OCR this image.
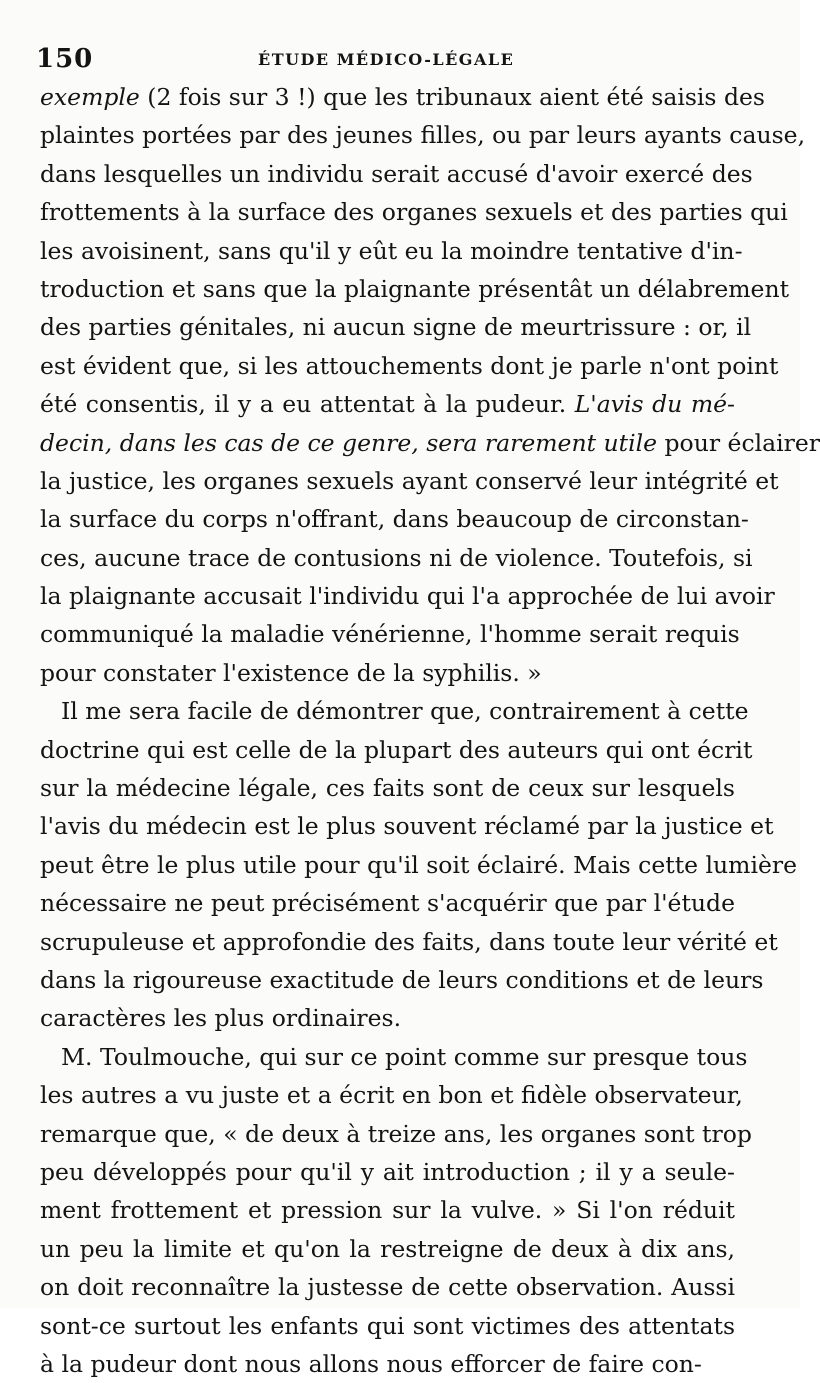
150	ÉTUDE MÉDICO-LÉGALE
exemple (2 fois sur 3 !) que les tribunaux aient été saisis des
plaintes portées par des jeunes filles, ou par leurs ayants cause,
dans lesquelles un individu serait accusé d'avoir exercé des
frottements à la surface des organes sexuels et des parties qui
les avoisinent, sans qu'il y eût eu la moindre tentative d'in-
troduction et sans que la plaignante présentât un délabrement
des parties génitales, ni aucun signe de meurtrissure : or, il
est évident que, si les attouchements dont je parle n'ont point
été consentis, il y a eu attentat à la pudeur. L'avis du mé-
decin, dans les cas de ce genre, sera rarement utile pour éclairer
la justice, les organes sexuels ayant conservé leur intégrité et
la surface du corps n'offrant, dans beaucoup de circonstan-
ces, aucune trace de contusions ni de violence. Toutefois, si
la plaignante accusait l'individu qui l'a approchée de lui avoir
communiqué la maladie vénérienne, l'homme serait requis
pour constater l'existence de la syphilis. »
Il me sera facile de démontrer que, contrairement à cette
doctrine qui est celle de la plupart des auteurs qui ont écrit
sur la médecine légale, ces faits sont de ceux sur lesquels
l'avis du médecin est le plus souvent réclamé par la justice et
peut être le plus utile pour qu'il soit éclairé. Mais cette lumière
nécessaire ne peut précisément s'acquérir que par l'étude
scrupuleuse et approfondie des faits, dans toute leur vérité et
dans la rigoureuse exactitude de leurs conditions et de leurs
caractères les plus ordinaires.
M. Toulmouche, qui sur ce point comme sur presque tous
les autres a vu juste et a écrit en bon et fidèle observateur,
remarque que, « de deux à treize ans, les organes sont trop
peu développés pour qu'il y ait introduction ; il y a seule-
ment frottement et pression sur la vulve. » Si l'on réduit
un peu la limite et qu'on la restreigne de deux à dix ans,
on doit reconnaître la justesse de cette observation. Aussi
sont-ce surtout les enfants qui sont victimes des attentats
à la pudeur dont nous allons nous efforcer de faire con-
